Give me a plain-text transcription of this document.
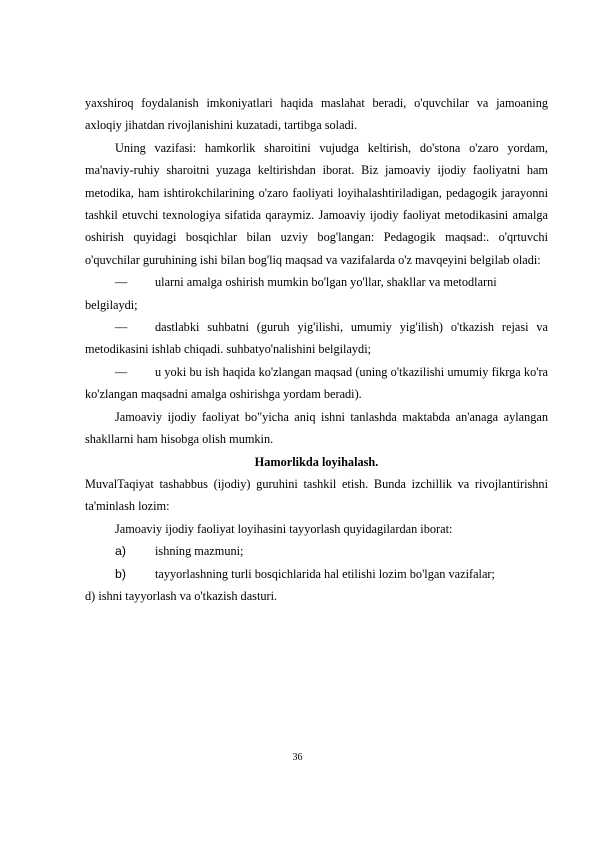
yaxshiroq foydalanish imkoniyatlari haqida maslahat beradi, o'quvchilar va jamoaning axloqiy jihatdan rivojlanishini kuzatadi, tartibga soladi.

Uning vazifasi: hamkorlik sharoitini vujudga keltirish, do'stona o'zaro yordam, ma'naviy-ruhiy sharoitni yuzaga keltirishdan iborat. Biz jamoaviy ijodiy faoliyatni ham metodika, ham ishtirokchilarining o'zaro faoliyati loyihalashtiriladigan, pedagogik jarayonni tashkil etuvchi texnologiya sifatida qaraymiz. Jamoaviy ijodiy faoliyat metodikasini amalga oshirish quyidagi bosqichlar bilan uzviy bog'langan: Pedagogik maqsad:. o'qrtuvchi o'quvchilar guruhining ishi bilan bog'liq maqsad va vazifalarda o'z mavqeyini belgilab oladi:

—	ularni amalga oshirish mumkin bo'lgan yo'llar, shakllar va metodlarni

belgilaydi;

— dastlabki suhbatni (guruh yig'ilishi, umumiy yig'ilish) o'tkazish rejasi va metodikasini ishlab chiqadi. suhbatyo'nalishini belgilaydi;

— u yoki bu ish haqida ko'zlangan maqsad (uning o'tkazilishi umumiy fikrga ko'ra ko'zlangan maqsadni amalga oshirishga yordam beradi).

Jamoaviy ijodiy faoliyat bo"yicha aniq ishni tanlashda maktabda an'anaga aylangan shakllarni ham hisobga olish mumkin.

Hamorlikda loyihalash.

MuvalTaqiyat tashabbus (ijodiy) guruhini tashkil etish. Bunda izchillik va rivojlantirishni ta'minlash lozim:

Jamoaviy ijodiy faoliyat loyihasini tayyorlash quyidagilardan iborat:

a)	ishning mazmuni;
b)	tayyorlashning turli bosqichlarida hal etilishi lozim bo'lgan vazifalar;

d) ishni tayyorlash va o'tkazish dasturi.

36
